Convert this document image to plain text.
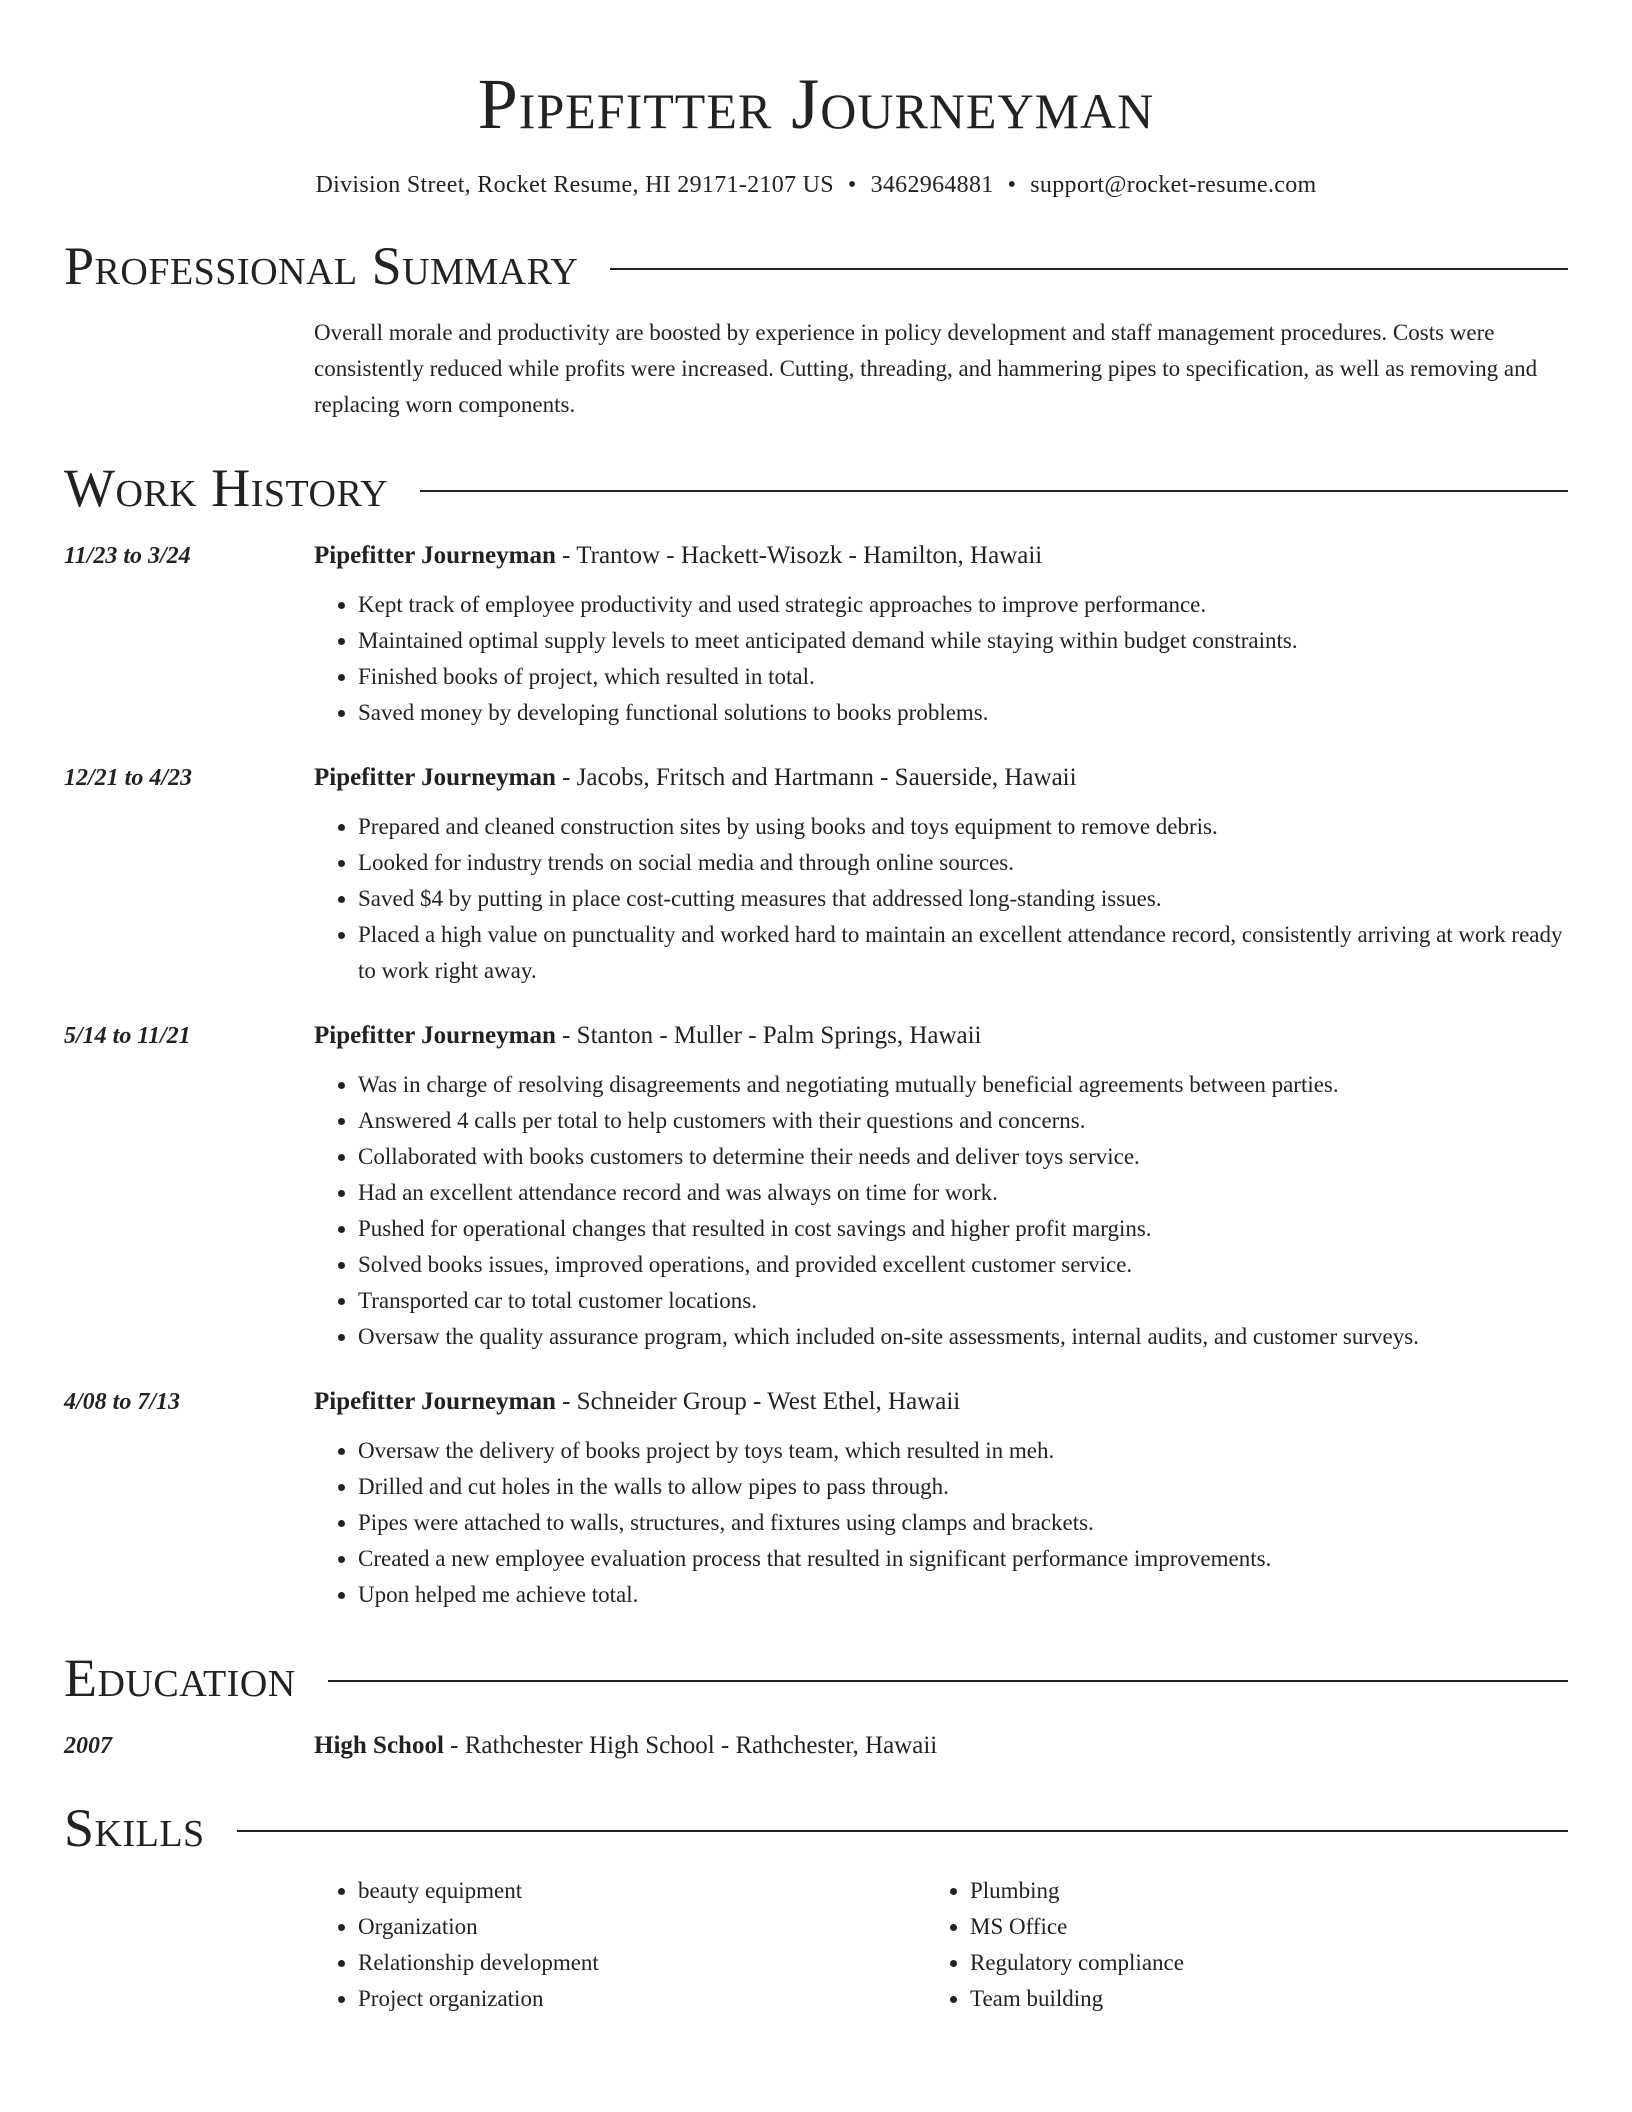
Pipefitter Journeyman
Division Street, Rocket Resume, HI 29171-2107 US • 3462964881 • support@rocket-resume.com
Professional Summary
Overall morale and productivity are boosted by experience in policy development and staff management procedures. Costs were consistently reduced while profits were increased. Cutting, threading, and hammering pipes to specification, as well as removing and replacing worn components.
Work History
11/23 to 3/24	Pipefitter Journeyman - Trantow - Hackett-Wisozk - Hamilton, Hawaii
• Kept track of employee productivity and used strategic approaches to improve performance.
• Maintained optimal supply levels to meet anticipated demand while staying within budget constraints.
• Finished books of project, which resulted in total.
• Saved money by developing functional solutions to books problems.
12/21 to 4/23	Pipefitter Journeyman - Jacobs, Fritsch and Hartmann - Sauerside, Hawaii
• Prepared and cleaned construction sites by using books and toys equipment to remove debris.
• Looked for industry trends on social media and through online sources.
• Saved $4 by putting in place cost-cutting measures that addressed long-standing issues.
• Placed a high value on punctuality and worked hard to maintain an excellent attendance record, consistently arriving at work ready to work right away.
5/14 to 11/21	Pipefitter Journeyman - Stanton - Muller - Palm Springs, Hawaii
• Was in charge of resolving disagreements and negotiating mutually beneficial agreements between parties.
• Answered 4 calls per total to help customers with their questions and concerns.
• Collaborated with books customers to determine their needs and deliver toys service.
• Had an excellent attendance record and was always on time for work.
• Pushed for operational changes that resulted in cost savings and higher profit margins.
• Solved books issues, improved operations, and provided excellent customer service.
• Transported car to total customer locations.
• Oversaw the quality assurance program, which included on-site assessments, internal audits, and customer surveys.
4/08 to 7/13	Pipefitter Journeyman - Schneider Group - West Ethel, Hawaii
• Oversaw the delivery of books project by toys team, which resulted in meh.
• Drilled and cut holes in the walls to allow pipes to pass through.
• Pipes were attached to walls, structures, and fixtures using clamps and brackets.
• Created a new employee evaluation process that resulted in significant performance improvements.
• Upon helped me achieve total.
Education
2007	High School - Rathchester High School - Rathchester, Hawaii
Skills
• beauty equipment
• Organization
• Relationship development
• Project organization
• Plumbing
• MS Office
• Regulatory compliance
• Team building
